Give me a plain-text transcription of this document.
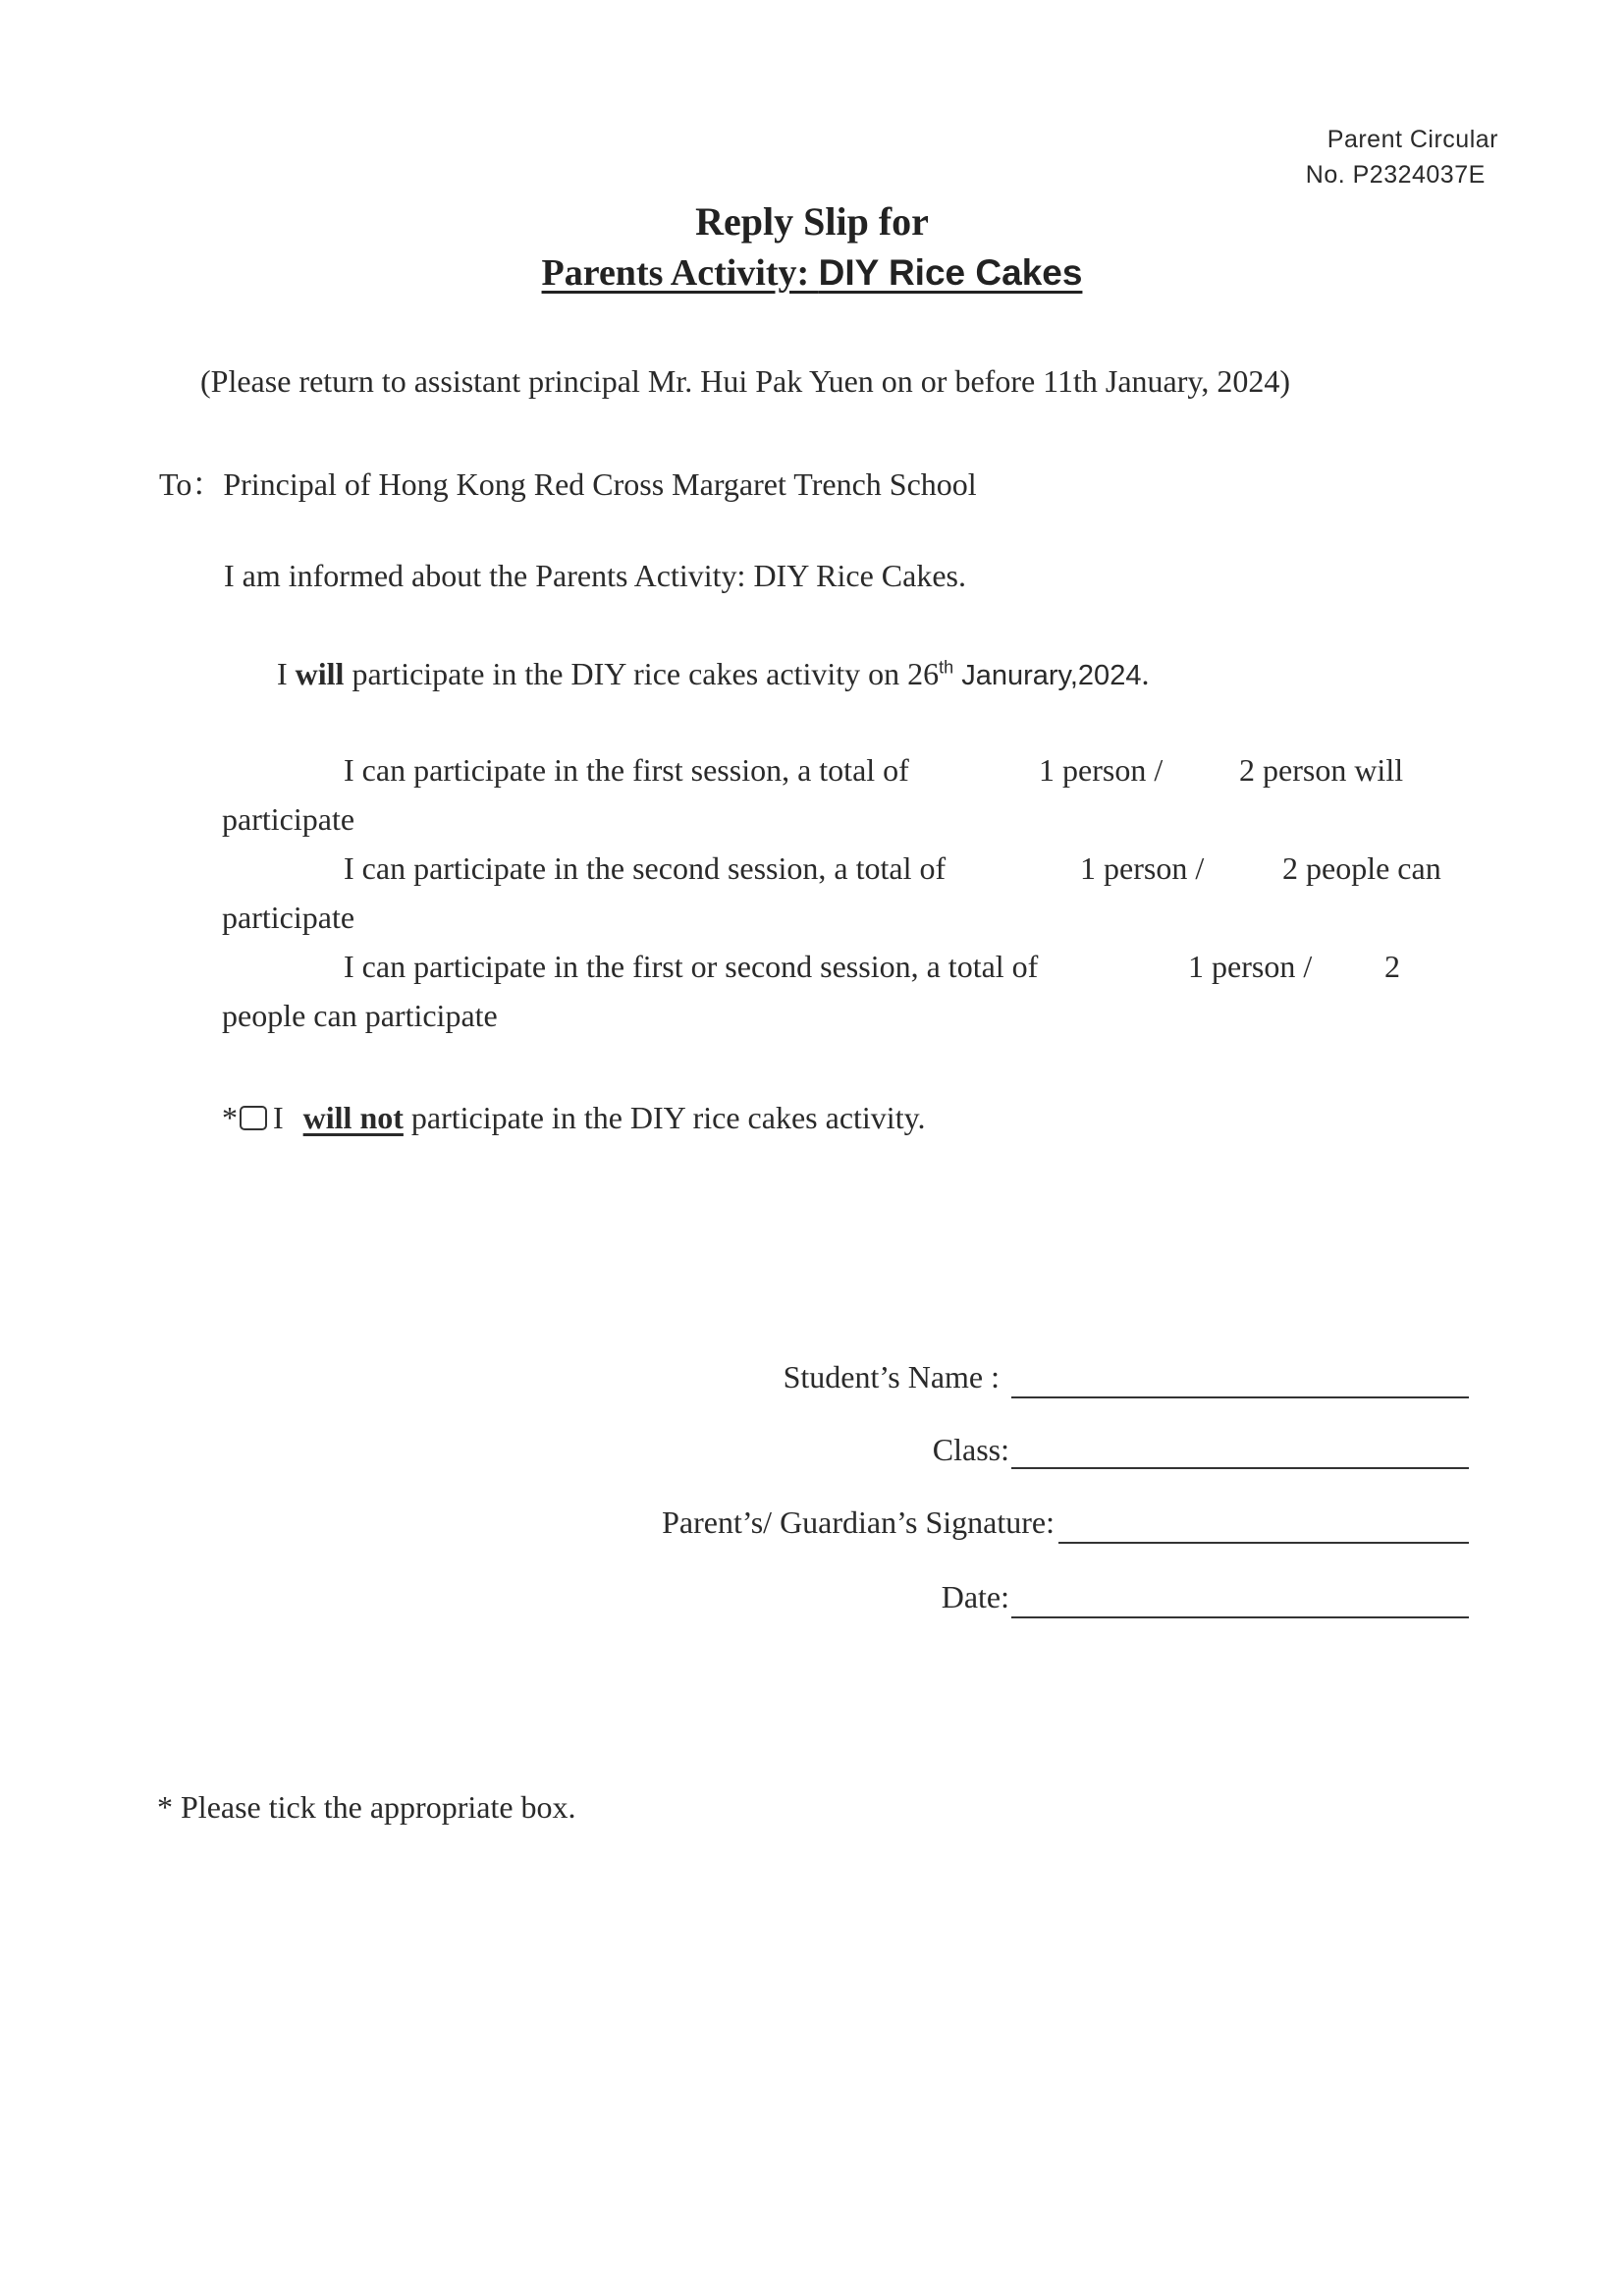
Parent Circular
No. P2324037E
Reply Slip for
Parents Activity: DIY Rice Cakes
(Please return to assistant principal Mr. Hui Pak Yuen on or before 11th January, 2024)
To：Principal of Hong Kong Red Cross Margaret Trench School
I am informed about the Parents Activity: DIY Rice Cakes.
I will participate in the DIY rice cakes activity on 26th Janurary,2024.
I can participate in the first session, a total of	1 person / 2 person will
participate
I can participate in the second session, a total of	1 person / 2 people can
participate
I can participate in the first or second session, a total of	1 person / 2
people can participate
* I will not participate in the DIY rice cakes activity.
Student’s Name :
Class:
Parent’s/ Guardian’s Signature:
Date:
* Please tick the appropriate box.
